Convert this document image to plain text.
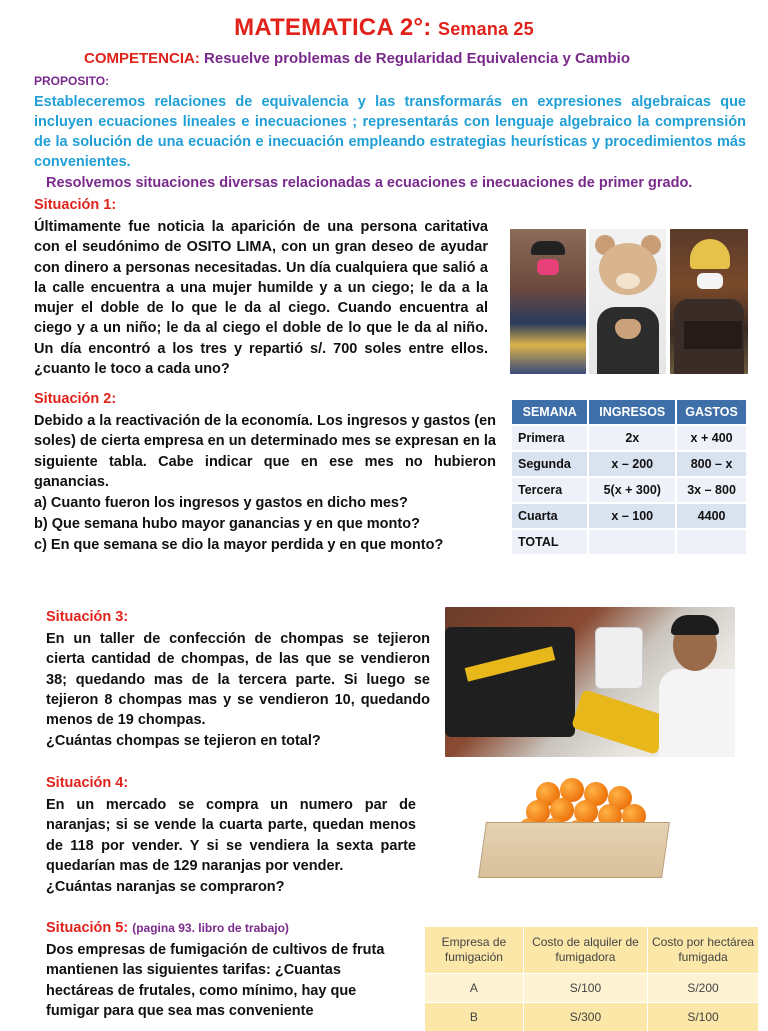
MATEMATICA 2°: Semana 25
COMPETENCIA: Resuelve problemas de Regularidad Equivalencia y Cambio
PROPOSITO:
Estableceremos relaciones de equivalencia y las transformarás en expresiones algebraicas que incluyen ecuaciones lineales e inecuaciones ; representarás con lenguaje algebraico la comprensión de la solución de una ecuación e inecuación empleando estrategias heurísticas y procedimientos más convenientes.
Resolvemos situaciones diversas relacionadas a ecuaciones e inecuaciones de primer grado.
Situación 1:
Últimamente fue noticia la aparición de una persona caritativa con el seudónimo de OSITO LIMA, con un gran deseo de ayudar con dinero a personas necesitadas. Un día cualquiera que salió a la calle encuentra a una mujer humilde y a un ciego; le da a la mujer el doble de lo que le da al ciego. Cuando encuentra al ciego y a un niño; le da al ciego el doble de lo que le da al niño. Un día encontró a los tres y repartió s/. 700 soles entre ellos. ¿cuanto le toco a cada uno?
Situación 2:
Debido a la reactivación de la economía. Los ingresos y gastos (en soles) de cierta empresa en un determinado mes se expresan en la siguiente tabla. Cabe indicar que en ese mes no hubieron ganancias.
a) Cuanto fueron los ingresos y gastos en dicho mes?
b) Que semana hubo mayor ganancias y en que monto?
c) En que semana se dio la mayor perdida y en que monto?
SEMANA	INGRESOS	GASTOS
Primera	2x	x + 400
Segunda	x – 200	800 – x
Tercera	5(x + 300)	3x – 800
Cuarta	x – 100	4400
TOTAL		
Situación 3:
En un taller de confección de chompas se tejieron cierta cantidad de chompas, de las que se vendieron 38; quedando mas de la tercera parte. Si luego se tejieron 8 chompas mas y se vendieron 10, quedando menos de 19 chompas.
¿Cuántas chompas se tejieron en total?
Situación 4:
En un mercado se compra un numero par de naranjas; si se vende la cuarta parte, quedan menos de 118 por vender. Y si se vendiera la sexta parte quedarían mas de 129 naranjas por vender.
¿Cuántas naranjas se compraron?
Situación 5: (pagina 93. libro de trabajo)
Dos empresas de fumigación de cultivos de fruta mantienen las siguientes tarifas: ¿Cuantas hectáreas de frutales, como mínimo, hay que fumigar para que sea mas conveniente
Empresa de fumigación	Costo de alquiler de fumigadora	Costo por hectárea fumigada
A	S/100	S/200
B	S/300	S/100
